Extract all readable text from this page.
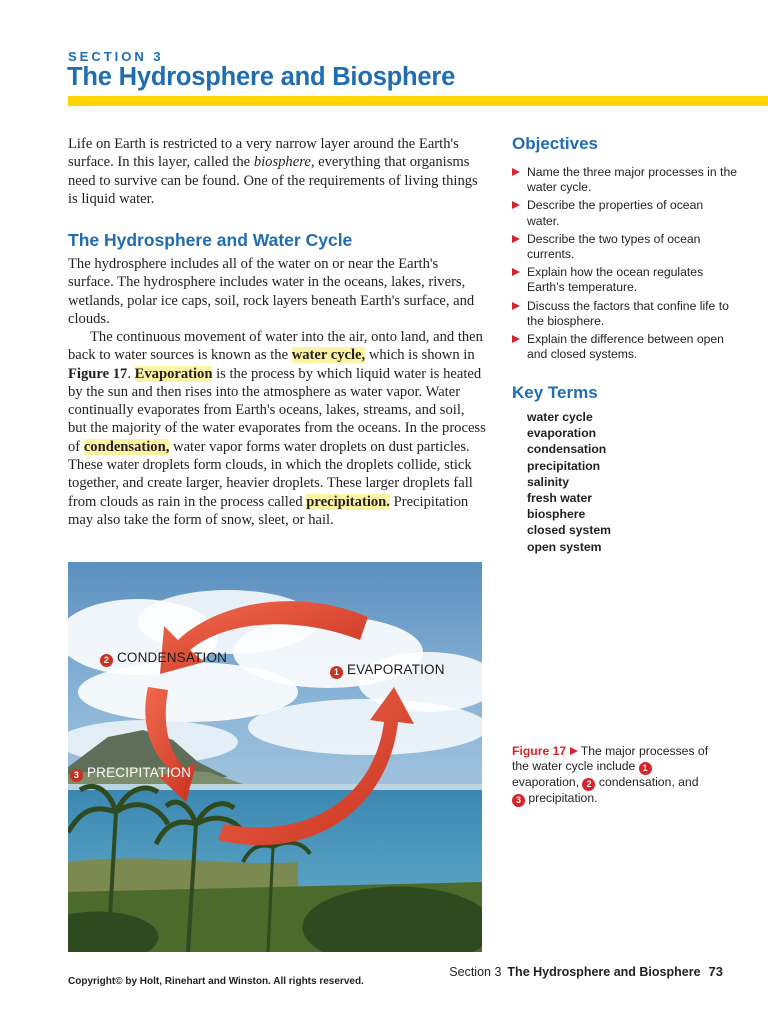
SECTION 3
The Hydrosphere and Biosphere

Life on Earth is restricted to a very narrow layer around the Earth's surface. In this layer, called the biosphere, everything that organisms need to survive can be found. One of the requirements of living things is liquid water.

The Hydrosphere and Water Cycle

The hydrosphere includes all of the water on or near the Earth's surface. The hydrosphere includes water in the oceans, lakes, rivers, wetlands, polar ice caps, soil, rock layers beneath Earth's surface, and clouds.

The continuous movement of water into the air, onto land, and then back to water sources is known as the water cycle, which is shown in Figure 17. Evaporation is the process by which liquid water is heated by the sun and then rises into the atmosphere as water vapor. Water continually evaporates from Earth's oceans, lakes, streams, and soil, but the majority of the water evaporates from the oceans. In the process of condensation, water vapor forms water droplets on dust particles. These water droplets form clouds, in which the droplets collide, stick together, and create larger, heavier droplets. These larger droplets fall from clouds as rain in the process called precipitation. Precipitation may also take the form of snow, sleet, or hail.

Objectives
Name the three major processes in the water cycle.
Describe the properties of ocean water.
Describe the two types of ocean currents.
Explain how the ocean regulates Earth’s temperature.
Discuss the factors that confine life to the biosphere.
Explain the difference between open and closed systems.
Key Terms
water cycle
evaporation
condensation
precipitation
salinity
fresh water
biosphere
closed system
open system
2 CONDENSATION
1 EVAPORATION
3 PRECIPITATION

Figure 17  The major processes of the water cycle include 1 evaporation, 2 condensation, and 3 precipitation.

Copyright© by Holt, Rinehart and Winston. All rights reserved.
Section 3 The Hydrosphere and Biosphere 73
